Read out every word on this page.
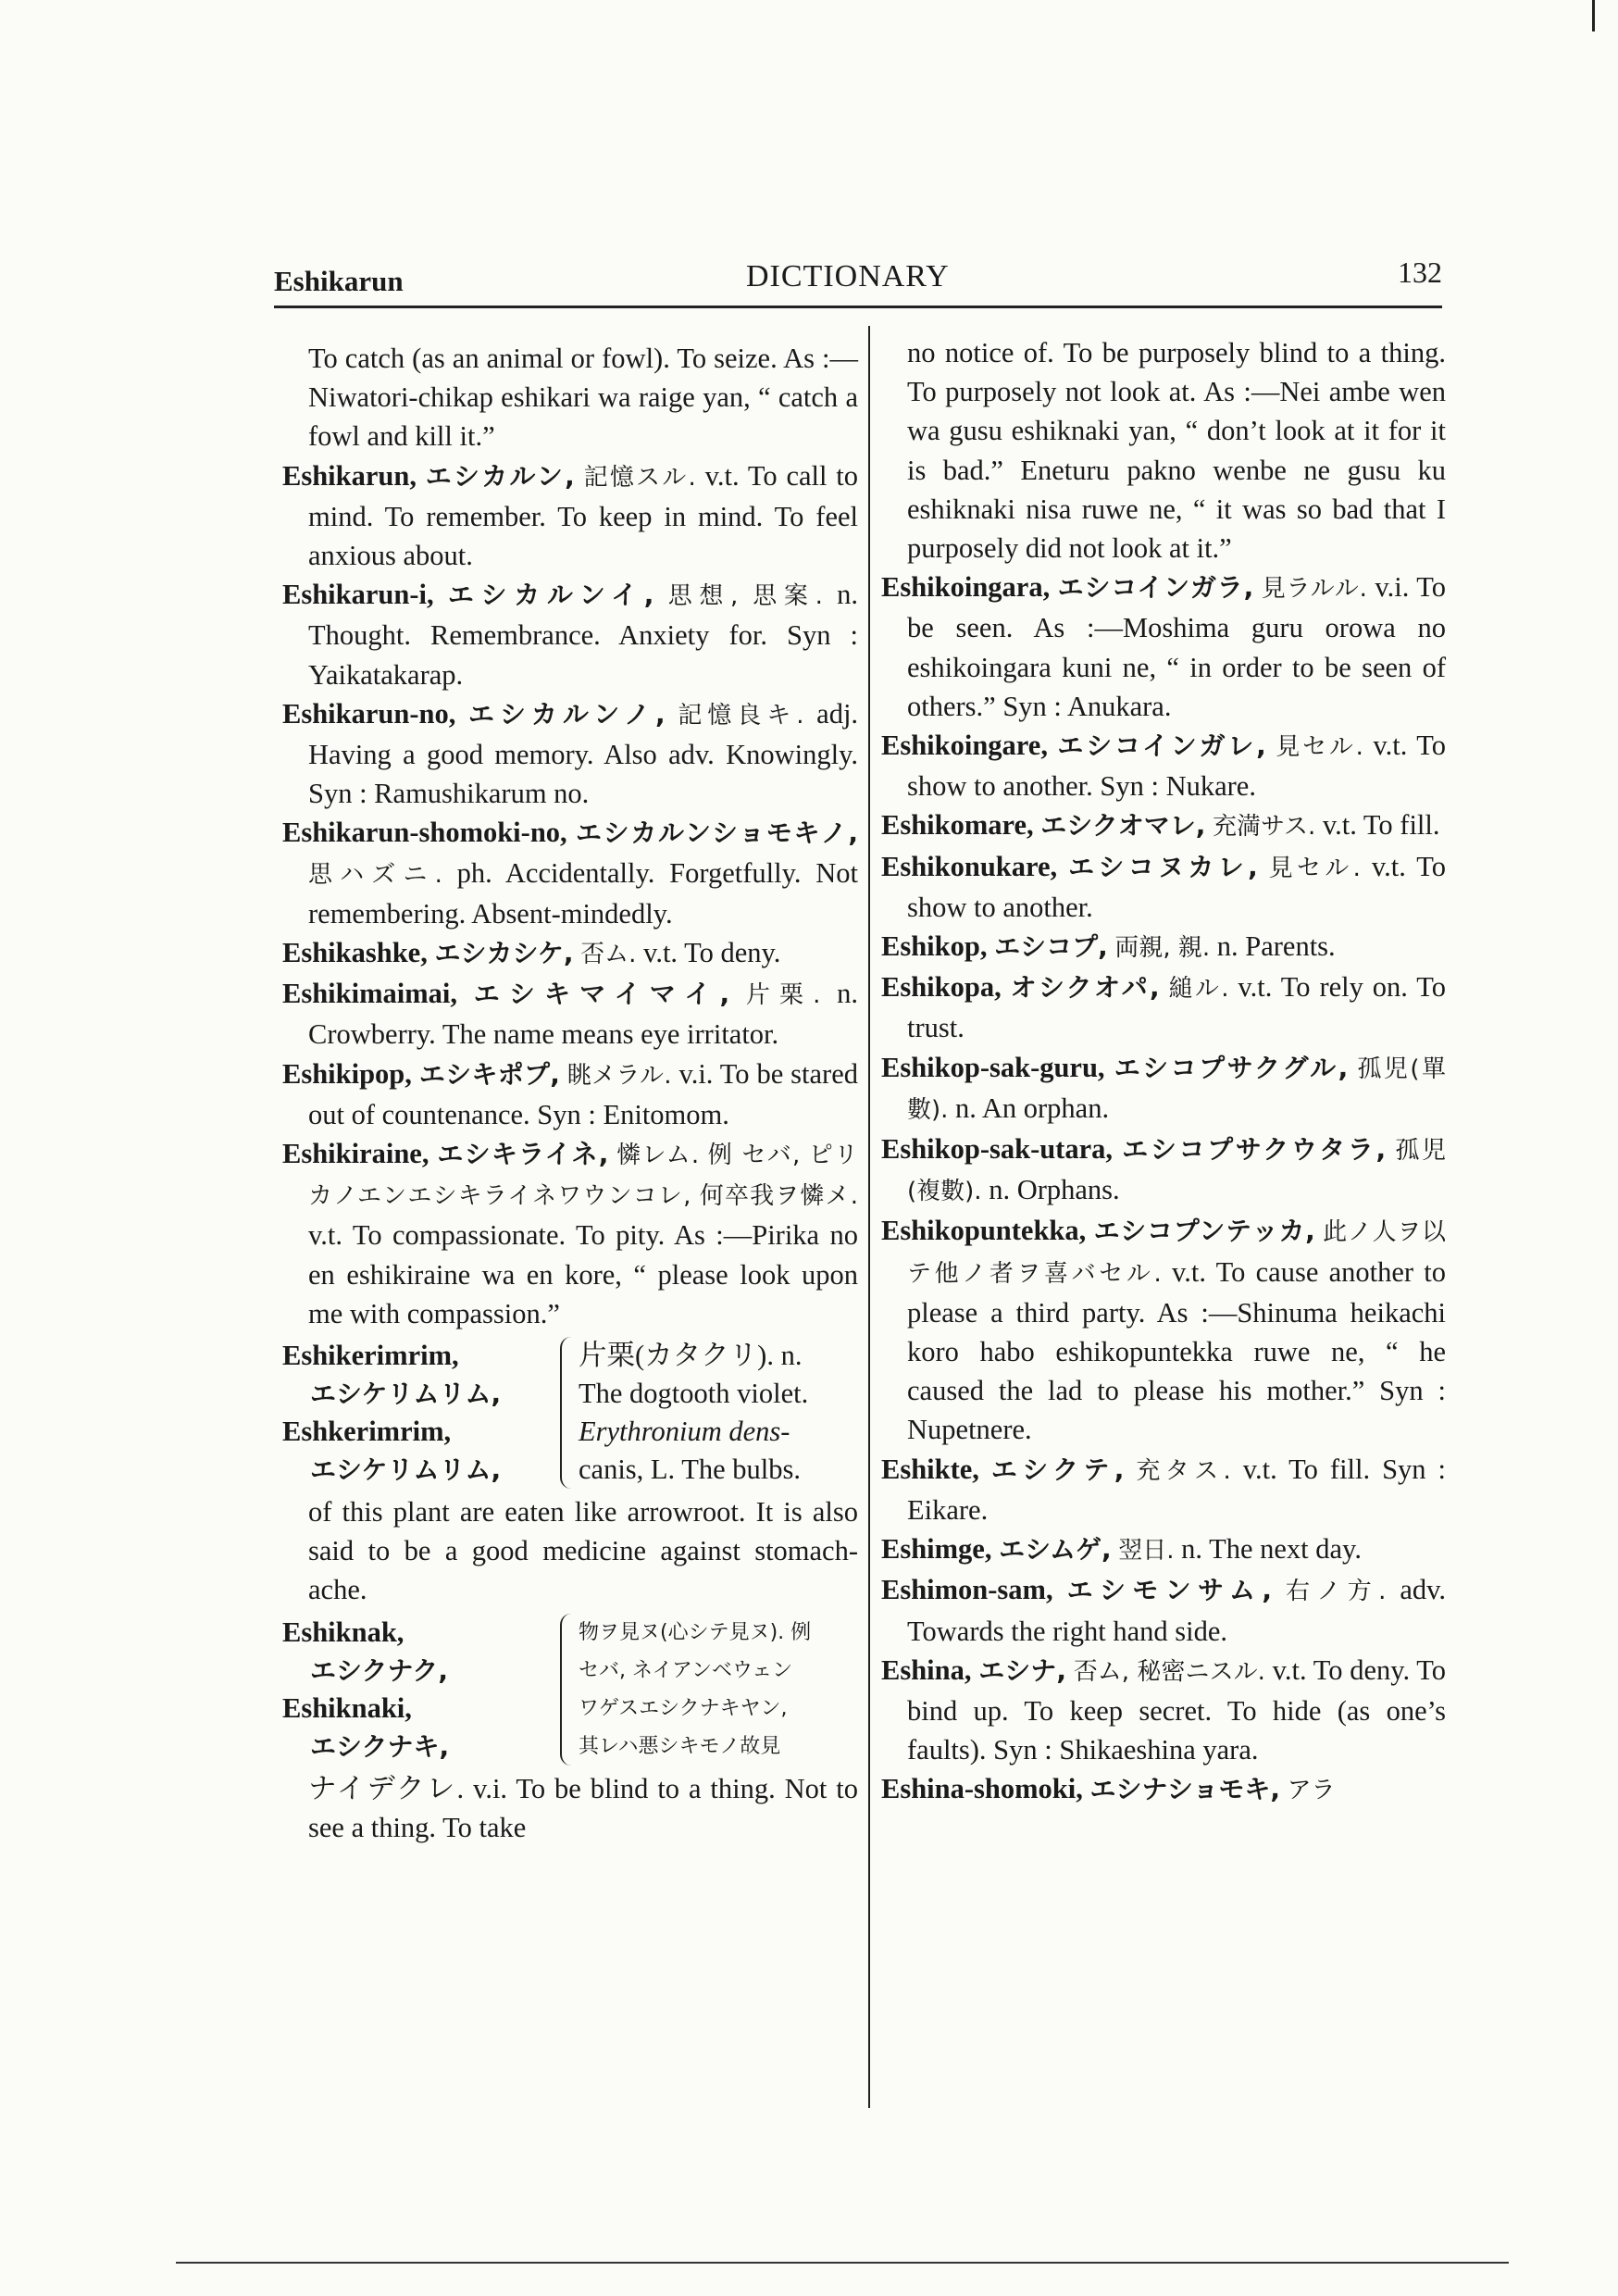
Eshikarun	DICTIONARY	132

To catch (as an animal or fowl). To seize. As :—Niwatori-chikap eshikari wa raige yan, “ catch a fowl and kill it.”

Eshikarun, エシカルン, 記憶スル. v.t. To call to mind. To remember. To keep in mind. To feel anxious about.

Eshikarun-i, エシカルンイ, 思想, 思案. n. Thought. Remembrance. Anxiety for. Syn : Yaikatakarap.

Eshikarun-no, エシカルンノ, 記憶良キ. adj. Having a good memory. Also adv. Knowingly. Syn : Ramushikarum no.

Eshikarun-shomoki-no, エシカルンショモキノ, 思ハズニ. ph. Accidentally. Forgetfully. Not remembering. Absent-mindedly.

Eshikashke, エシカシケ, 否ム. v.t. To deny.

Eshikimaimai, エシキマイマイ, 片栗. n. Crowberry. The name means eye irritator.

Eshikipop, エシキポプ, 眺メラル. v.i. To be stared out of countenance. Syn : Enitomom.

Eshikiraine, エシキライネ, 憐レム. 例 セバ, ピリカノエンエシキライネワウンコレ, 何卒我ヲ憐メ. v.t. To compassionate. To pity. As :—Pirika no en eshikiraine wa en kore, “ please look upon me with compassion.”

Eshikerimrim,
エシケリムリム,
Eshkerimrim,
エシケリムリム,
片栗(カタクリ). n.
The dogtooth violet.
Erythronium dens-
canis, L. The bulbs.
of this plant are eaten like arrowroot. It is also said to be a good medicine against stomach-ache.
Eshiknak,
エシクナク,
Eshiknaki,
エシクナキ,
物ヲ見ヌ(心シテ見ヌ). 例
セバ, ネイアンベウェン
ワゲスエシクナキヤン,
其レハ悪シキモノ故見
ナイデクレ. v.i. To be blind to a thing. Not to see a thing. To take

no notice of. To be purposely blind to a thing. To purposely not look at. As :—Nei ambe wen wa gusu eshiknaki yan, “ don’t look at it for it is bad.” Eneturu pakno wenbe ne gusu ku eshiknaki nisa ruwe ne, “ it was so bad that I purposely did not look at it.”

Eshikoingara, エシコインガラ, 見ラルル. v.i. To be seen. As :—Moshima guru orowa no eshikoingara kuni ne, “ in order to be seen of others.” Syn : Anukara.

Eshikoingare, エシコインガレ, 見セル. v.t. To show to another. Syn : Nukare.

Eshikomare, エシクオマレ, 充満サス. v.t. To fill.

Eshikonukare, エシコヌカレ, 見セル. v.t. To show to another.

Eshikop, エシコプ, 両親, 親. n. Parents.

Eshikopa, オシクオパ, 縋ル. v.t. To rely on. To trust.

Eshikop-sak-guru, エシコプサクグル, 孤児(單數). n. An orphan.

Eshikop-sak-utara, エシコプサクウタラ, 孤児(複數). n. Orphans.

Eshikopuntekka, エシコプンテッカ, 此ノ人ヲ以テ他ノ者ヲ喜バセル. v.t. To cause another to please a third party. As :—Shinuma heikachi koro habo eshikopuntekka ruwe ne, “ he caused the lad to please his mother.” Syn : Nupetnere.

Eshikte, エシクテ, 充タス. v.t. To fill. Syn : Eikare.

Eshimge, エシムゲ, 翌日. n. The next day.

Eshimon-sam, エシモンサム, 右ノ方. adv. Towards the right hand side.

Eshina, エシナ, 否ム, 秘密ニスル. v.t. To deny. To bind up. To keep secret. To hide (as one’s faults). Syn : Shikaeshina yara.

Eshina-shomoki, エシナショモキ, アラ
